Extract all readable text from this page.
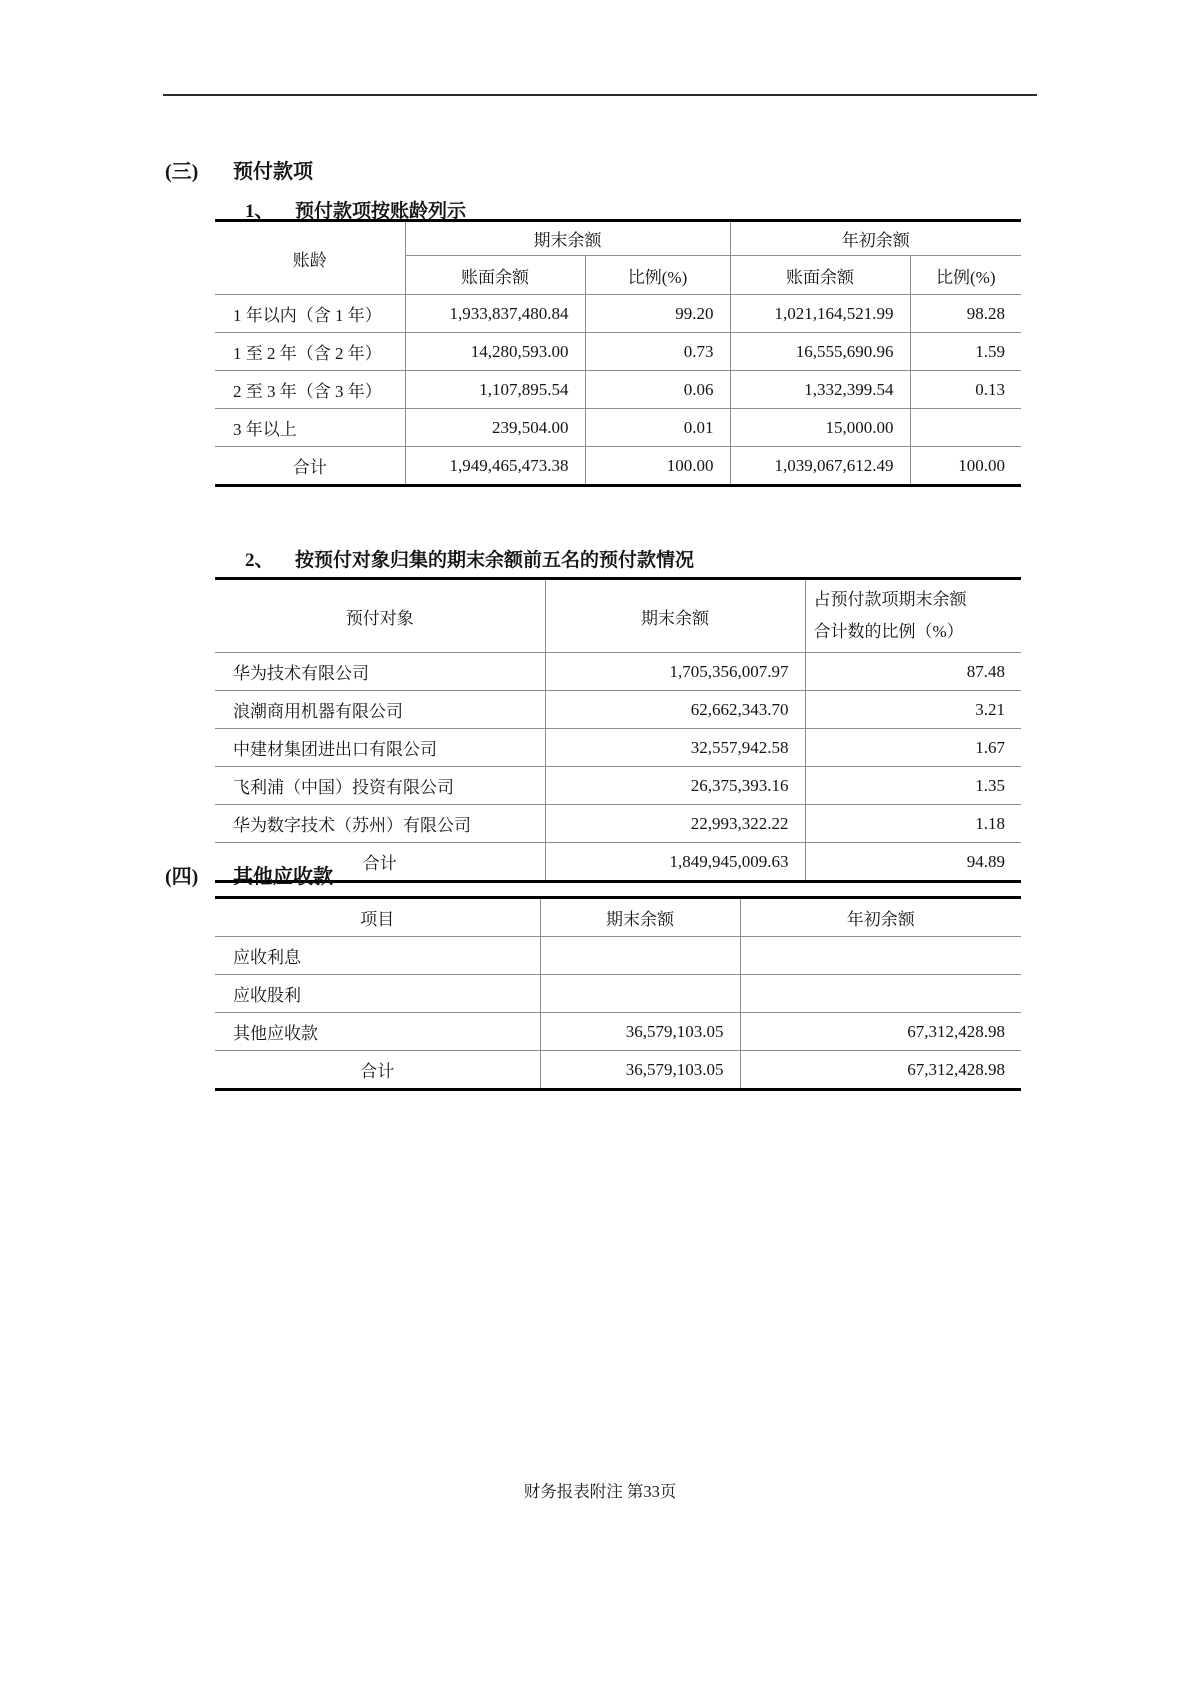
(三)	预付款项
1、	预付款项按账龄列示
账龄	期末余额		年初余额	
	账面余额	比例(%)	账面余额	比例(%)
1 年以内（含 1 年）	1,933,837,480.84	99.20	1,021,164,521.99	98.28
1 至 2 年（含 2 年）	14,280,593.00	0.73	16,555,690.96	1.59
2 至 3 年（含 3 年）	1,107,895.54	0.06	1,332,399.54	0.13
3 年以上	239,504.00	0.01	15,000.00	
合计	1,949,465,473.38	100.00	1,039,067,612.49	100.00
2、	按预付对象归集的期末余额前五名的预付款情况
预付对象	期末余额	占预付款项期末余额
合计数的比例（%）

华为技术有限公司	1,705,356,007.97	87.48
浪潮商用机器有限公司	62,662,343.70	3.21
中建材集团进出口有限公司	32,557,942.58	1.67
飞利浦（中国）投资有限公司	26,375,393.16	1.35
华为数字技术（苏州）有限公司	22,993,322.22	1.18
合计	1,849,945,009.63	94.89
(四)	其他应收款
项目	期末余额	年初余额
应收利息		
应收股利		
其他应收款	36,579,103.05	67,312,428.98
合计	36,579,103.05	67,312,428.98
财务报表附注 第33页
